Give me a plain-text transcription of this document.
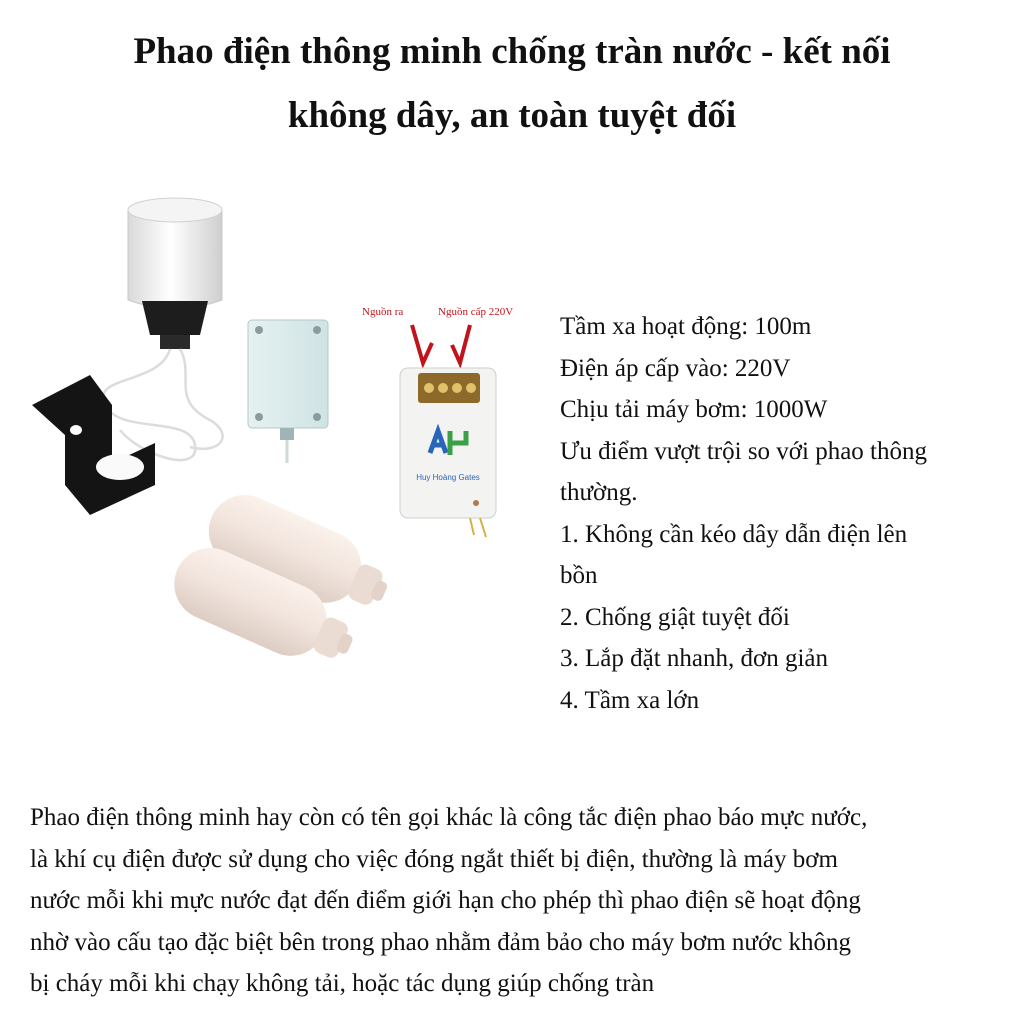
Phao điện thông minh chống tràn nước - kết nối
không dây, an toàn tuyệt đối
Nguồn ra	Nguồn cấp 220V
Huy Hoàng Gates
Tầm xa hoạt động: 100m
Điện áp cấp vào: 220V
Chịu tải máy bơm: 1000W
Ưu điểm vượt trội so với phao thông
thường.
1. Không cần kéo dây dẫn điện lên
bồn
2. Chống giật tuyệt đối
3. Lắp đặt nhanh, đơn giản
4. Tầm xa lớn
Phao điện thông minh hay còn có tên gọi khác là công tắc điện phao báo mực nước,
là khí cụ điện được sử dụng cho việc đóng ngắt thiết bị điện, thường là máy bơm
nước mỗi khi mực nước đạt đến điểm giới hạn cho phép thì phao điện sẽ hoạt động
nhờ vào cấu tạo đặc biệt bên trong phao nhằm đảm bảo cho máy bơm nước không
bị cháy mỗi khi chạy không tải, hoặc tác dụng giúp chống tràn
